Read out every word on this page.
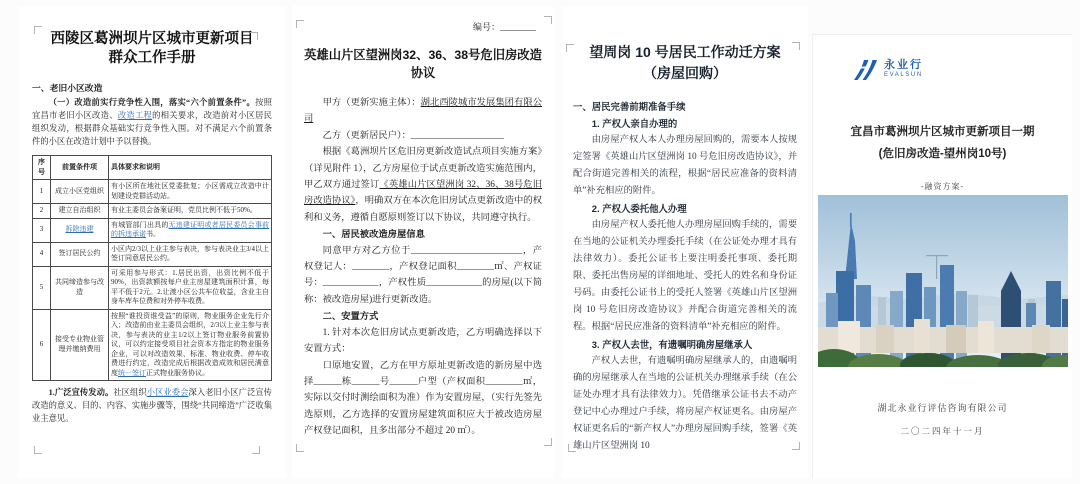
西陵区葛洲坝片区城市更新项目
群众工作手册
一、老旧小区改造

（一）改造前实行竞争性入围，落实“六个前置条件”。按照宜昌市老旧小区改造、改造工程的相关要求，改造前对小区居民组织发动，根据群众基础实行竞争性入围。对不满足六个前置条件的小区在改造计划中予以替换。

序号	前置条件项	具体要求和说明
1	成立小区党组织	有小区所在地社区党委批复；小区需成立改造中计划建设党群活动站。
2	建立自治组织	有业主委员会备案证明，党员比例不低于50%。
3	拆除违建	有城管部门出具的无违建证明或者居民委员会事前的拆违承诺书。
4	签订居民公约	小区内2/3以上业主参与表决，参与表决业主3/4以上签订同意居民公约。
5	共同缔造参与改造	可采用参与形式：1.居民出资，出资比例不低于90%，出资款额按每户业主房屋建筑面积计算，每平不低于2元。2.让渡小区公共车位收益，含业主自身车库车位费和对外停车收费。
6	接受专业物业管理并缴纳费用	按照“谁投资谁受益”的原则，物业服务企业先行介入；改造前由业主委员会组织，2/3以上业主参与表决，参与表决的业主1/2以上签订物业服务前置协议，可以约定接受项目社会资本方指定的物业服务企业，可以对改造效果、标准、物业收费、停车收费进行约定，改造完成后根据改造成效和居民满意度统一签订正式物业服务协议。

1.广泛宣传发动。社区组织小区业委会深入老旧小区广泛宣传改造的意义、目的、内容、实施步骤等，围绕“共同缔造”广泛收集业主意见。

编号：________
英雄山片区望洲岗32、36、38号危旧房改造协议

甲方（更新实施主体）：湖北西陵城市发展集团有限公司

乙方（更新居民户）：____________________

根据《葛洲坝片区危旧房更新改造试点项目实施方案》（详见附件 1），乙方房屋位于试点更新改造实施范围内，甲乙双方通过签订《英雄山片区望洲岗 32、36、38号危旧房改造协议》，明确双方在本次危旧房试点更新改造中的权利和义务，遵循自愿原则签订以下协议，共同遵守执行。

一、居民被改造房屋信息

同意甲方对乙方位于________________________，产权登记人：________，产权登记面积________㎡、产权证号：____________，产权性质____________的房屋(以下简称：被改造房屋)进行更新改造。

二、安置方式

1. 针对本次危旧房试点更新改造，乙方明确选择以下安置方式：

口原地安置，乙方在甲方原址更新改造的新房屋中选择______栋______号______户型（产权面积________㎡，实际以交付时测绘面积为准）作为安置房屋，（实行先签先选原则，乙方选择的安置房屋建筑面积应大于被改造房屋产权登记面积，且多出部分不超过 20 ㎡）。

望周岗 10 号居民工作动迁方案
（房屋回购）
一、居民完善前期准备手续
1. 产权人亲自办理的

由房屋产权人本人办理房屋回购的，需要本人按规定签署《英雄山片区望洲岗 10 号危旧房改造协议》，并配合街道完善相关的流程，根据“居民应准备的资料清单”补充相应的附件。

2. 产权人委托他人办理

由房屋产权人委托他人办理房屋回购手续的，需要在当地的公证机关办理委托手续（在公证处办理才具有法律效力）。委托公证书上要注明委托事项、委托期限、委托出售房屋的详细地址、受托人的姓名和身份证号码。由委托公证书上的受托人签署《英雄山片区望洲岗 10 号危旧房改造协议》并配合街道完善相关的流程。根据“居民应准备的资料清单”补充相应的附件。

3. 产权人去世，有遗嘱明确房屋继承人

产权人去世，有遗嘱明确房屋继承人的，由遗嘱明确的房屋继承人在当地的公证机关办理继承手续（在公证处办理才具有法律效力）。凭借继承公证书去不动产登记中心办理过户手续，将房屋产权证更名。由房屋产权证更名后的“新产权人”办理房屋回购手续，签署《英雄山片区望洲岗 10

永业行
EVALSUN
宜昌市葛洲坝片区城市更新项目一期
(危旧房改造-望州岗10号)
-融资方案-
湖北永业行评估咨询有限公司
二〇二四年十一月
